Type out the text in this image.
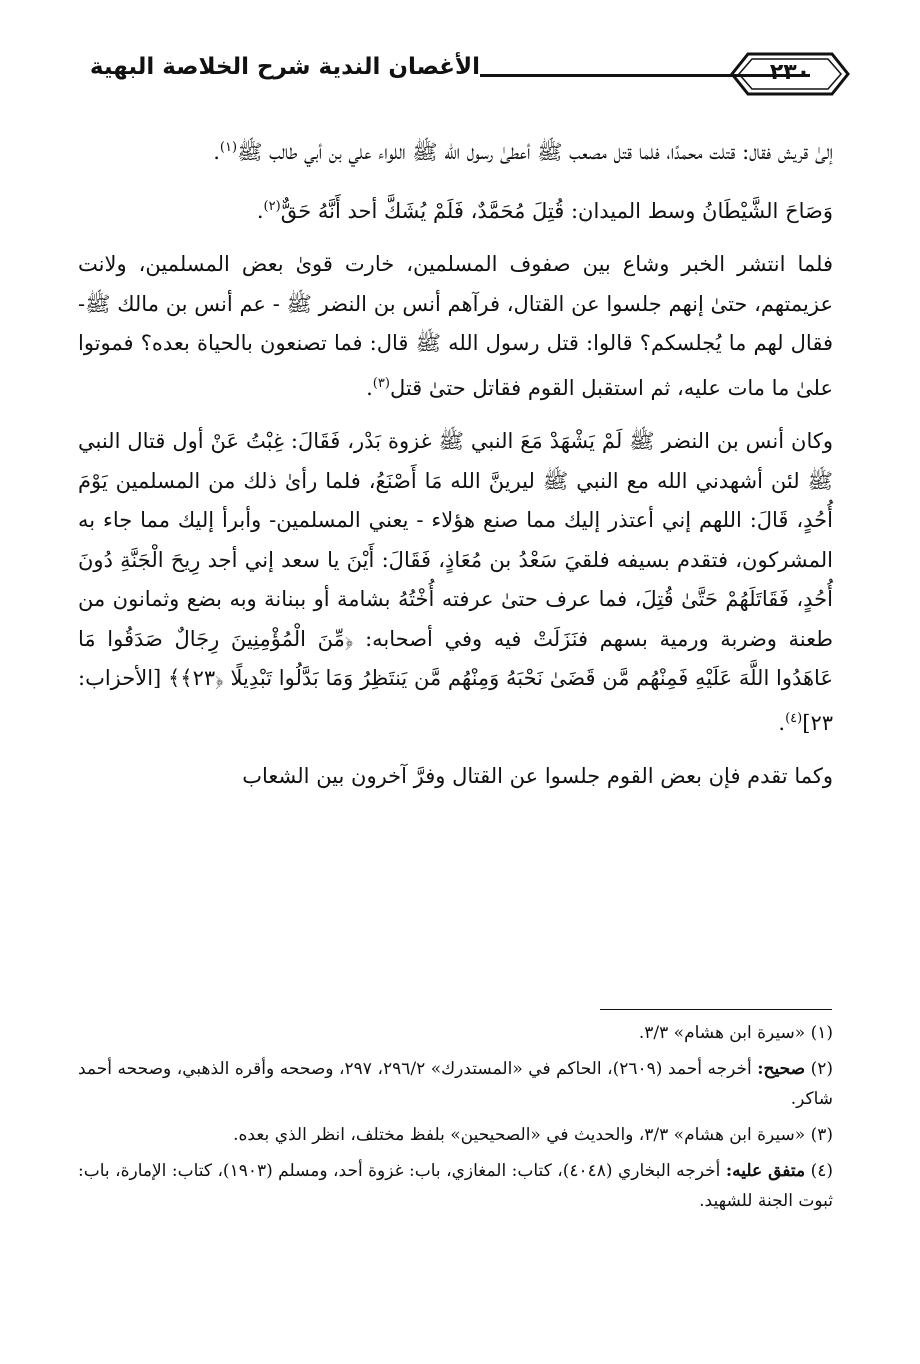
الأغصان الندية شرح الخلاصة البهية	٢٣٠

إلىٰ قريش فقال: قتلت محمدًا، فلما قتل مصعب ﷺ أعطىٰ رسول الله ﷺ اللواء علي بن أبي طالب ﷺ$^{(١)}$.

وَصَاحَ الشَّيْطَانُ وسط الميدان: قُتِلَ مُحَمَّدٌ، فَلَمْ يُشَكَّ أحد أَنَّهُ حَقٌّ$^{(٢)}$.

فلما انتشر الخبر وشاع بين صفوف المسلمين، خارت قوىٰ بعض المسلمين، ولانت عزيمتهم، حتىٰ إنهم جلسوا عن القتال، فرآهم أنس بن النضر ﷺ - عم أنس بن مالك ﷺ- فقال لهم ما يُجلسكم؟ قالوا: قتل رسول الله ﷺ قال: فما تصنعون بالحياة بعده؟ فموتوا علىٰ ما مات عليه، ثم استقبل القوم فقاتل حتىٰ قتل$^{(٣)}$.

وكان أنس بن النضر ﷺ لَمْ يَشْهَدْ مَعَ النبي ﷺ غزوة بَدْر، فَقَالَ: غِبْتُ عَنْ أول قتال النبي ﷺ لئن أشهدني الله مع النبي ﷺ ليرينَّ الله مَا أَصْنَعُ، فلما رأىٰ ذلك من المسلمين يَوْمَ أُحُدٍ، قَالَ: اللهم إني أعتذر إليك مما صنع هؤلاء - يعني المسلمين- وأبرأ إليك مما جاء به المشركون، فتقدم بسيفه فلقيَ سَعْدُ بن مُعَاذٍ، فَقَالَ: أَيْنَ يا سعد إني أجد رِيحَ الْجَنَّةِ دُونَ أُحُدٍ، فَقَاتَلَهُمْ حَتَّىٰ قُتِلَ، فما عرف حتىٰ عرفته أُخْتُهُ بشامة أو ببنانة وبه بضع وثمانون من طعنة وضربة ورمية بسهم فنَزَلَتْ فيه وفي أصحابه: ﴿مِّنَ الْمُؤْمِنِينَ رِجَالٌ صَدَقُوا مَا عَاهَدُوا اللَّهَ عَلَيْهِ فَمِنْهُم مَّن قَضَىٰ نَحْبَهُ وَمِنْهُم مَّن يَنتَظِرُ وَمَا بَدَّلُوا تَبْدِيلًا ﴿٢٣﴾﴾ [الأحزاب: ٢٣]$^{(٤)}$.

وكما تقدم فإن بعض القوم جلسوا عن القتال وفرَّ آخرون بين الشعاب

(١) «سيرة ابن هشام» ٣/٣.

(٢) صحيح: أخرجه أحمد (٢٦٠٩)، الحاكم في «المستدرك» ٢٩٦/٢، ٢٩٧، وصححه وأقره الذهبي، وصححه أحمد شاكر.

(٣) «سيرة ابن هشام» ٣/٣، والحديث في «الصحيحين» بلفظ مختلف، انظر الذي بعده.

(٤) متفق عليه: أخرجه البخاري (٤٠٤٨)، كتاب: المغازي، باب: غزوة أحد، ومسلم (١٩٠٣)، كتاب: الإمارة، باب: ثبوت الجنة للشهيد.
